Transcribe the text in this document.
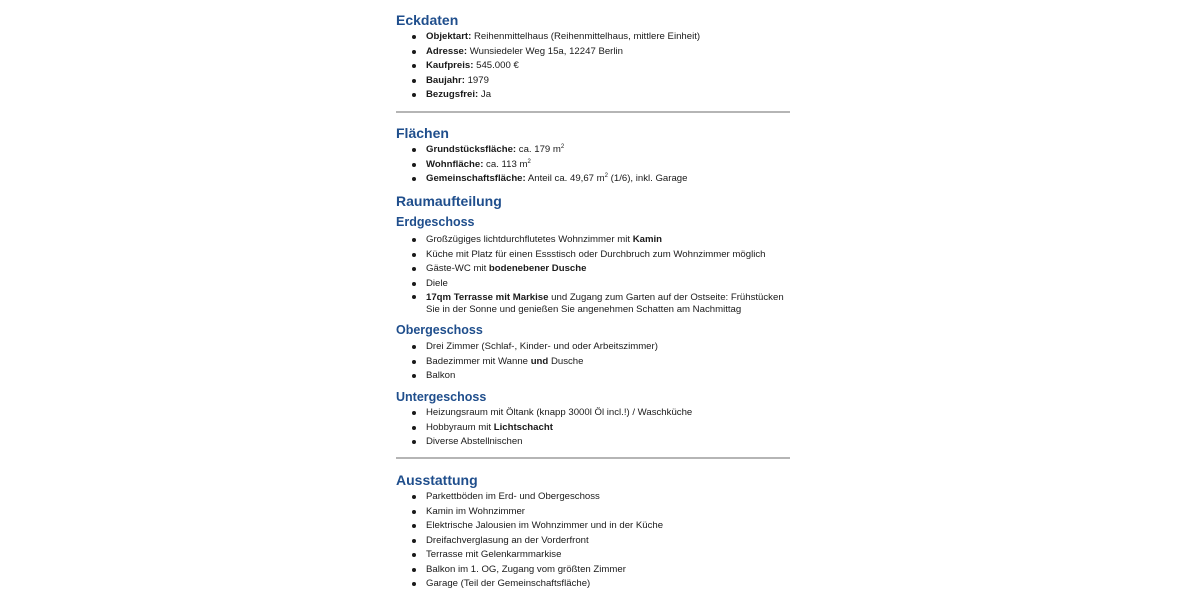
Eckdaten
Objektart: Reihenmittelhaus (Reihenmittelhaus, mittlere Einheit)
Adresse: Wunsiedeler Weg 15a, 12247 Berlin
Kaufpreis: 545.000 €
Baujahr: 1979
Bezugsfrei: Ja
Flächen
Grundstücksfläche: ca. 179 $m^2$
Wohnfläche: ca. 113 $m^2$
Gemeinschaftsfläche: Anteil ca. 49,67 $m^2$ (1/6), inkl. Garage
Raumaufteilung
Erdgeschoss
Großzügiges lichtdurchflutetes Wohnzimmer mit Kamin
Küche mit Platz für einen Essstisch oder Durchbruch zum Wohnzimmer möglich
Gäste-WC mit bodenebener Dusche
Diele
17qm Terrasse mit Markise und Zugang zum Garten auf der Ostseite: Frühstücken Sie in der Sonne und genießen Sie angenehmen Schatten am Nachmittag
Obergeschoss
Drei Zimmer (Schlaf-, Kinder- und oder Arbeitszimmer)
Badezimmer mit Wanne und Dusche
Balkon
Untergeschoss
Heizungsraum mit Öltank (knapp 3000l Öl incl.!) / Waschküche
Hobbyraum mit Lichtschacht
Diverse Abstellnischen
Ausstattung
Parkettböden im Erd- und Obergeschoss
Kamin im Wohnzimmer
Elektrische Jalousien im Wohnzimmer und in der Küche
Dreifachverglasung an der Vorderfront
Terrasse mit Gelenkarmmarkise
Balkon im 1. OG, Zugang vom größten Zimmer
Garage (Teil der Gemeinschaftsfläche)
